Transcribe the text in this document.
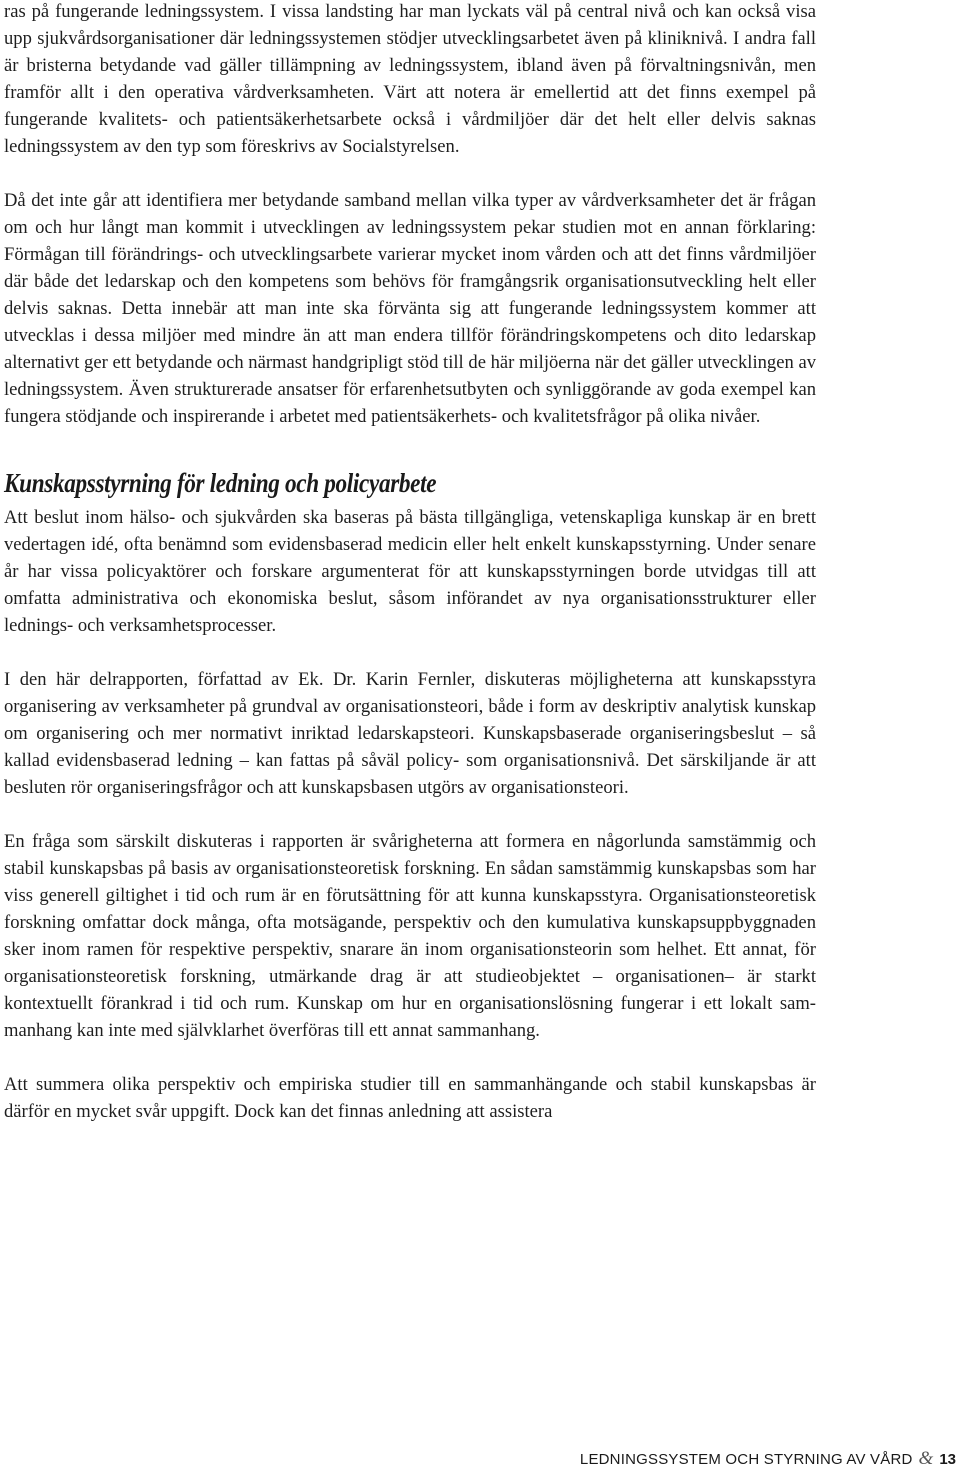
ras på fungerande ledningssystem. I vissa landsting har man lyckats väl på central nivå och kan också visa upp sjukvårdsorganisationer där ledningssystemen stödjer utvecklingsarbetet även på kliniknivå. I andra fall är bristerna betydande vad gäller tillämpning av ledningssystem, ibland även på förvaltningsnivån, men framför allt i den operativa vårdverksamheten. Värt att notera är emellertid att det finns exempel på fungerande kvalitets- och patientsäkerhetsarbete också i vårdmiljöer där det helt eller delvis saknas ledningssystem av den typ som föreskrivs av Socialstyrelsen.

Då det inte går att identifiera mer betydande samband mellan vilka typer av vårdverksamheter det är frågan om och hur långt man kommit i utvecklingen av ledningssystem pekar studien mot en annan förklaring: Förmågan till förändrings- och utvecklingsarbete varierar mycket inom vården och att det finns vårdmiljöer där både det ledarskap och den kompetens som behövs för framgångsrik organisationsutveckling helt eller delvis saknas. Detta innebär att man inte ska förvänta sig att fungerande ledningssystem kommer att utvecklas i dessa miljöer med mindre än att man endera tillför förändringskompetens och dito ledarskap alternativt ger ett betydande och närmast handgripligt stöd till de här miljöerna när det gäller utvecklingen av ledningssystem. Även strukturerade ansatser för erfarenhetsutbyten och synliggörande av goda exempel kan fungera stödjande och inspirerande i arbetet med patientsäkerhets- och kvalitetsfrågor på olika nivåer.

Kunskapsstyrning för ledning och policyarbete

Att beslut inom hälso- och sjukvården ska baseras på bästa tillgängliga, vetenskapliga kunskap är en brett vedertagen idé, ofta benämnd som evidensbaserad medicin eller helt enkelt kunskapsstyrning. Under senare år har vissa policyaktörer och forskare argumenterat för att kunskapsstyrningen borde utvidgas till att omfatta administrativa och ekonomiska beslut, såsom införandet av nya organisationsstrukturer eller lednings- och verksamhetsprocesser.

I den här delrapporten, författad av Ek. Dr. Karin Fernler, diskuteras möjligheterna att kunskapsstyra organisering av verksamheter på grundval av organisationsteori, både i form av deskriptiv analytisk kunskap om organisering och mer normativt inriktad ledarskapsteori. Kunskapsbaserade organiseringsbeslut – så kallad evidensbaserad ledning – kan fattas på såväl policy- som organisationsnivå. Det särskiljande är att besluten rör organiseringsfrågor och att kunskapsbasen utgörs av organisationsteori.

En fråga som särskilt diskuteras i rapporten är svårigheterna att formera en någorlunda samstämmig och stabil kunskapsbas på basis av organisationsteoretisk forskning. En sådan samstämmig kunskapsbas som har viss generell giltighet i tid och rum är en förutsättning för att kunna kunskapsstyra. Organisationsteoretisk forskning omfattar dock många, ofta motsägande, perspektiv och den kumulativa kunskapsuppbyggnaden sker inom ramen för respektive perspektiv, snarare än inom organisationsteorin som helhet. Ett annat, för organisationsteoretisk forskning, utmärkande drag är att studieobjektet – organisationen– är starkt kontextuellt förankrad i tid och rum. Kunskap om hur en organisationslösning fungerar i ett lokalt sammanhang kan inte med självklarhet överföras till ett annat sammanhang.

Att summera olika perspektiv och empiriska studier till en sammanhängande och stabil kunskapsbas är därför en mycket svår uppgift. Dock kan det finnas anledning att assistera

LEDNINGSSYSTEM OCH STYRNING AV VÅRD & 13
